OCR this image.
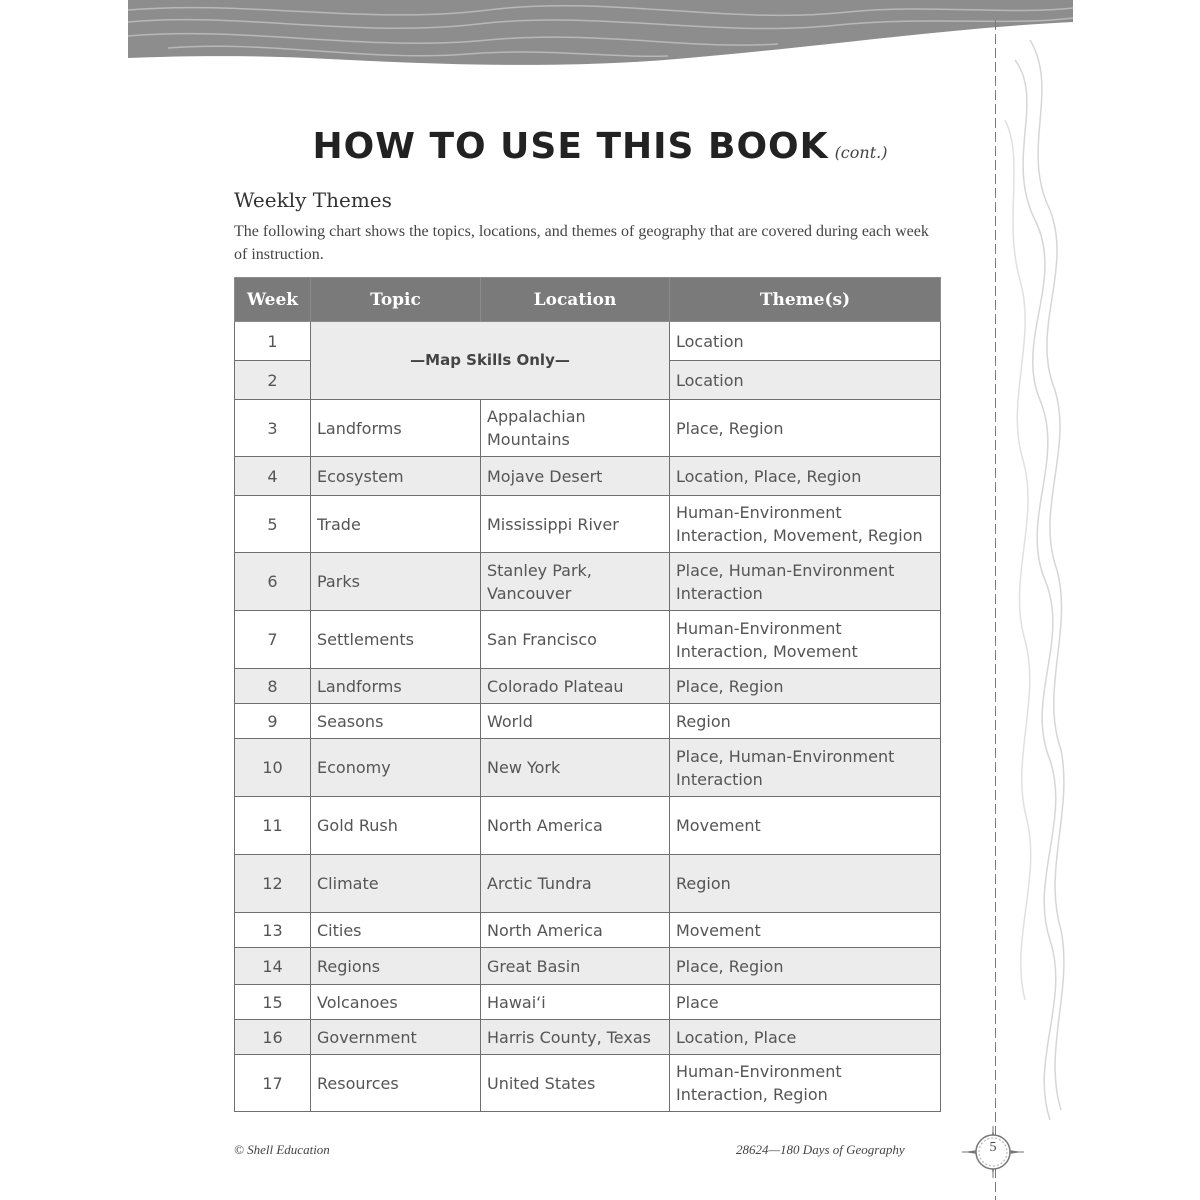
HOW TO USE THIS BOOK (cont.)
Weekly Themes
The following chart shows the topics, locations, and themes of geography that are covered during each week of instruction.
Week	Topic	Location	Theme(s)
1	—Map Skills Only—		Location
2			Location
3	Landforms	Appalachian Mountains	Place, Region
4	Ecosystem	Mojave Desert	Location, Place, Region
5	Trade	Mississippi River	Human-Environment Interaction, Movement, Region
6	Parks	Stanley Park, Vancouver	Place, Human-Environment Interaction
7	Settlements	San Francisco	Human-Environment Interaction, Movement
8	Landforms	Colorado Plateau	Place, Region
9	Seasons	World	Region
10	Economy	New York	Place, Human-Environment Interaction
11	Gold Rush	North America	Movement
12	Climate	Arctic Tundra	Region
13	Cities	North America	Movement
14	Regions	Great Basin	Place, Region
15	Volcanoes	Hawai‘i	Place
16	Government	Harris County, Texas	Location, Place
17	Resources	United States	Human-Environment Interaction, Region
© Shell Education	28624—180 Days of Geography	5
